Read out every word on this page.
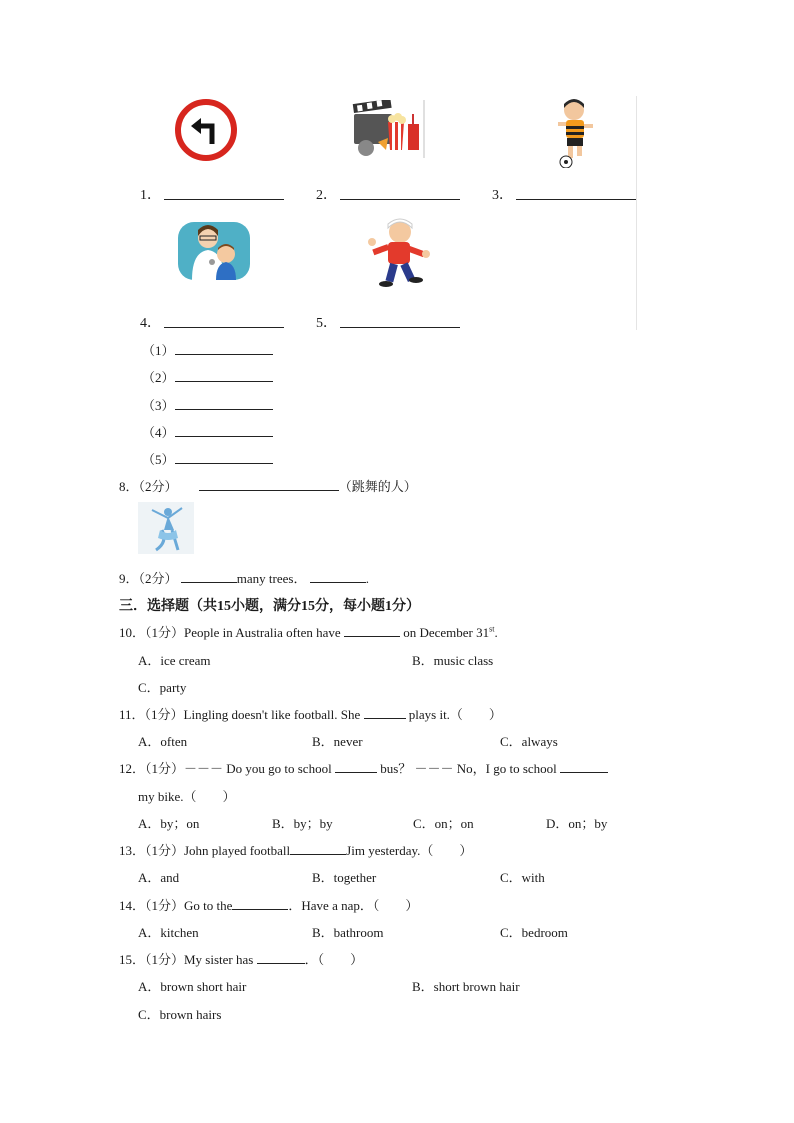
1．	2．	3．
4．	5．
（1）
（2）
（3）
（4）
（5）
8．（2分）	（跳舞的人）
9．（2分）	many trees．	.
三．选择题（共15小题，满分15分，每小题1分）
10．（1分）People in Australia often have	on December 31st.
A．ice cream	B．music class
C．party
11．（1分）Lingling doesn't like football. She	plays it.（　　）
A．often	B．never	C．always
12．（1分）－－－ Do you go to school	bus？ －－－ No，I go to school
my bike.（　　）
A．by；on	B．by；by	C．on；on	D．on；by
13．（1分）John played football	Jim yesterday.（　　）
A．and	B．together	C．with
14．（1分）Go to the	．Have a nap．（　　）
A．kitchen	B．bathroom	C．bedroom
15．（1分）My sister has	．（　　）
A．brown short hair	B．short brown hair
C．brown hairs
